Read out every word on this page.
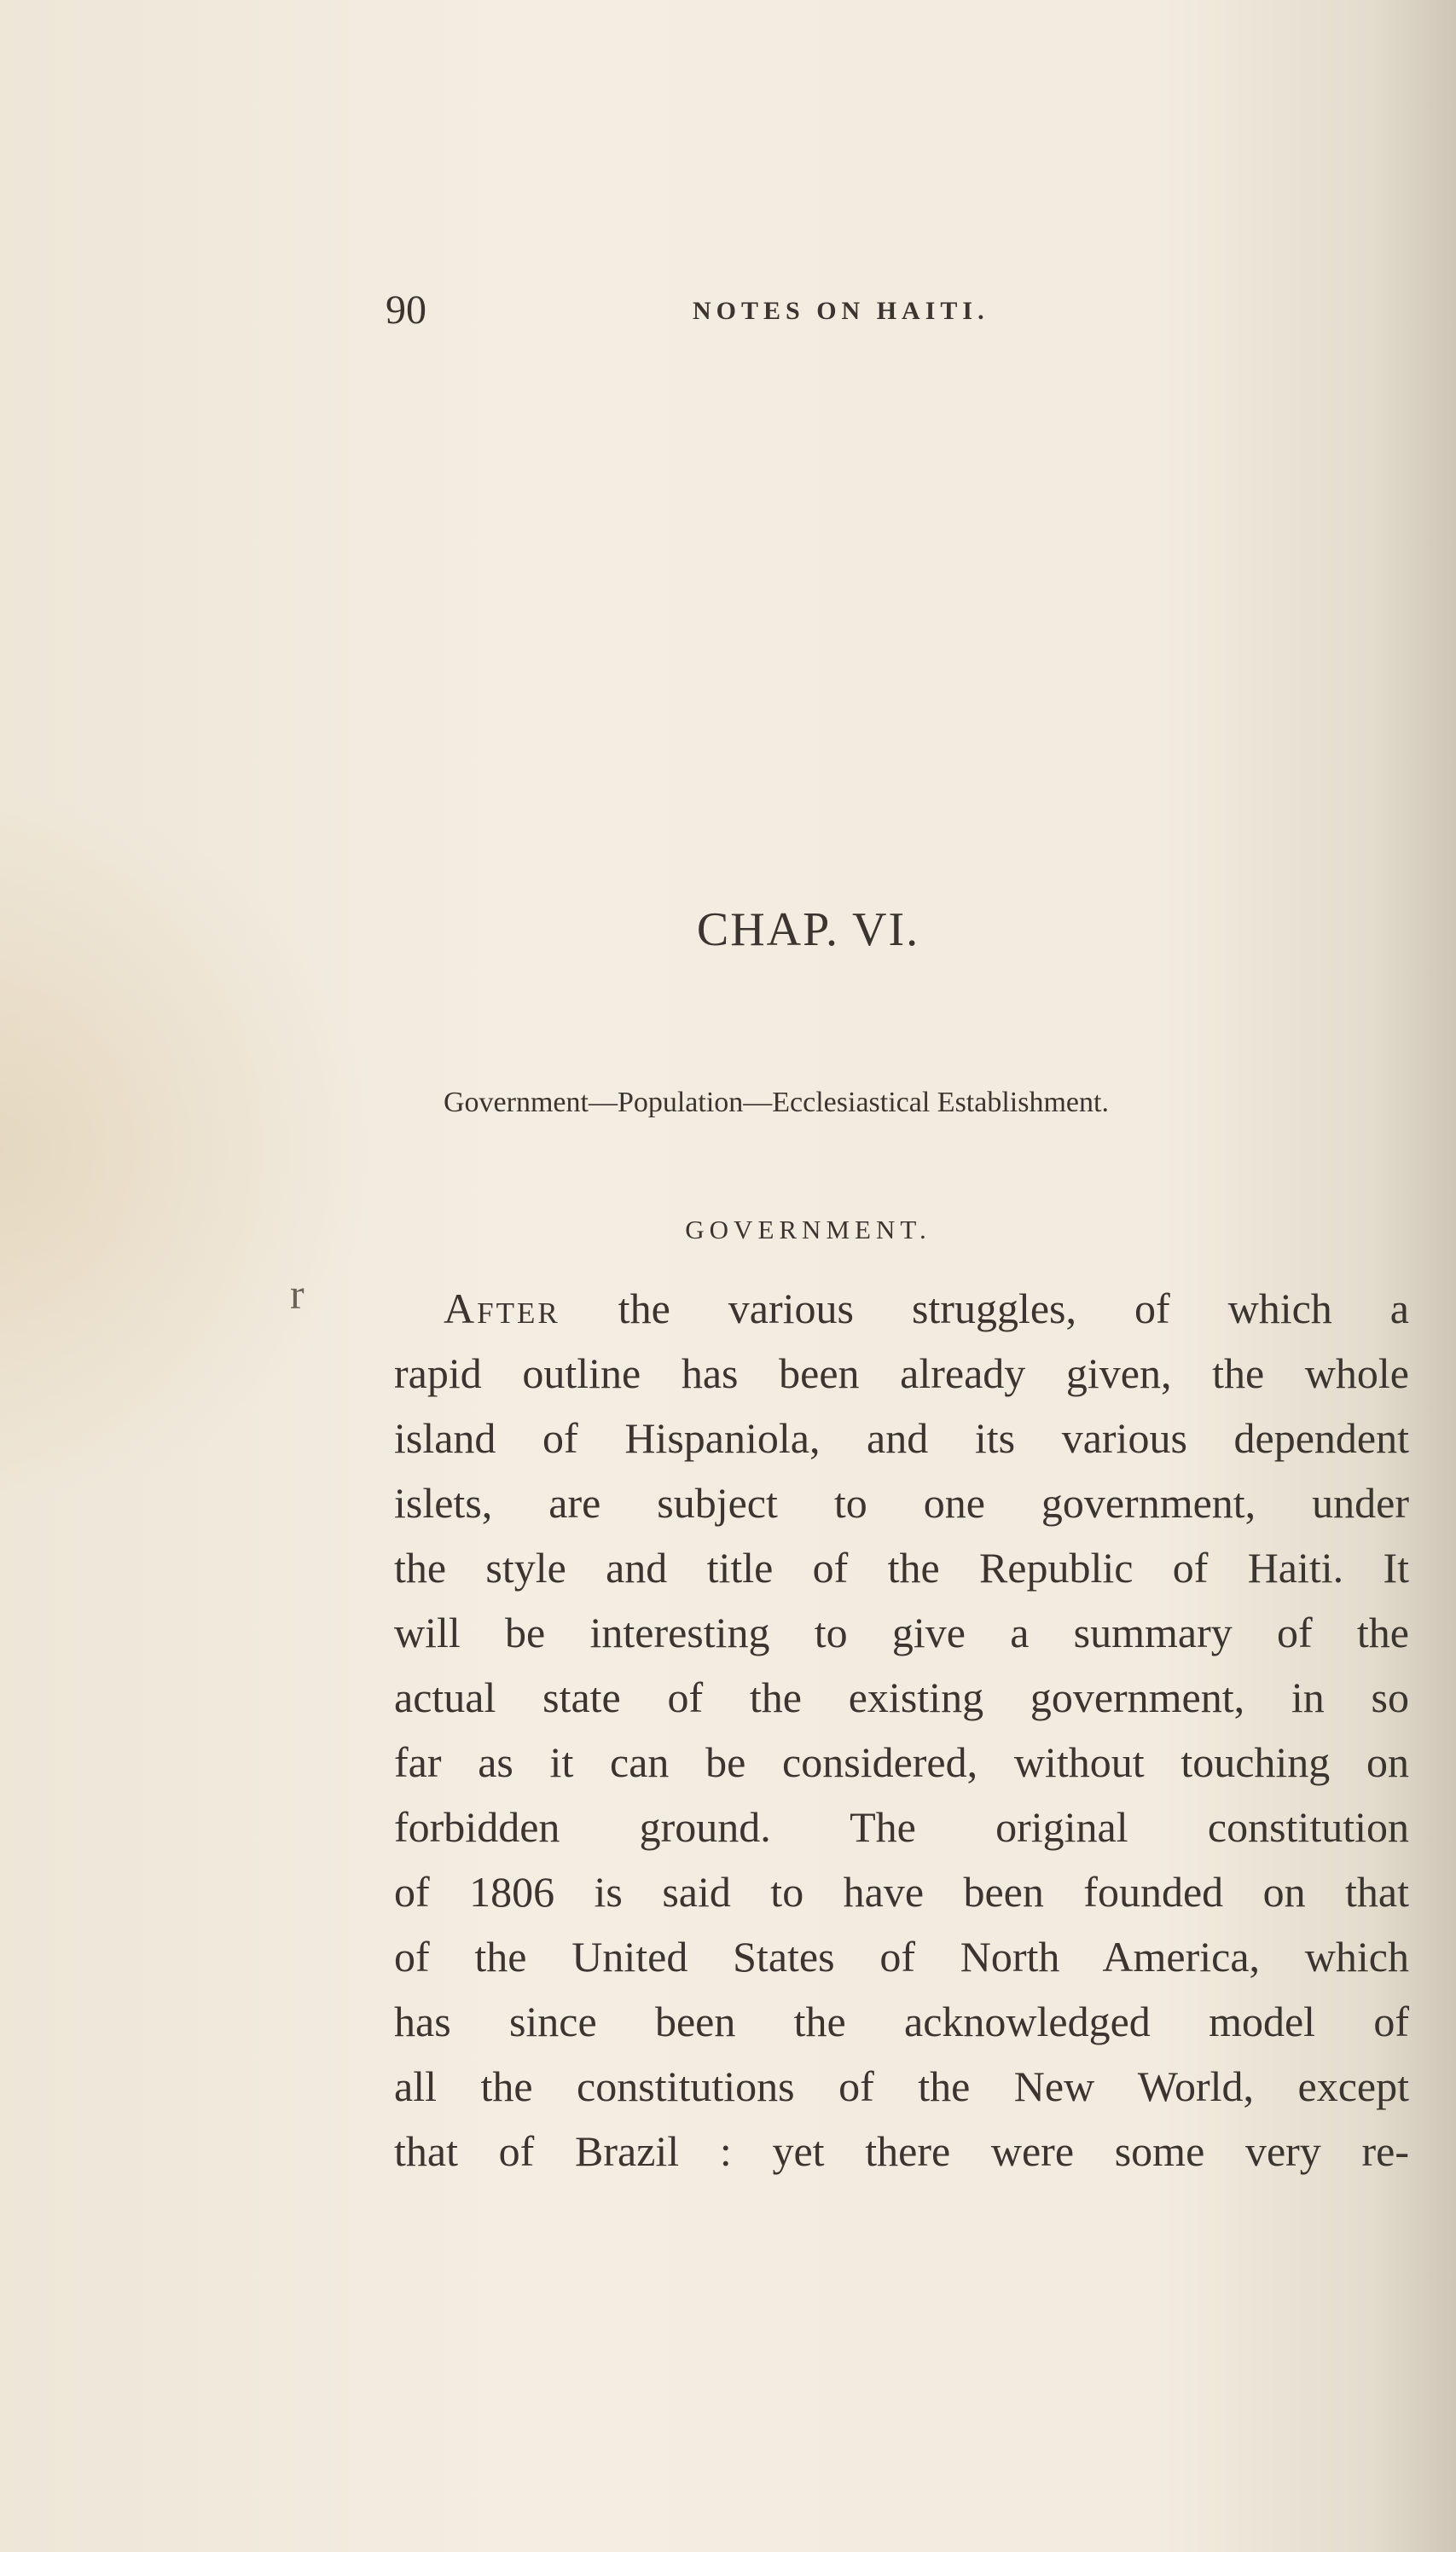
90	NOTES ON HAITI.
CHAP. VI.
Government—Population—Ecclesiastical Establishment.
GOVERNMENT.
r	After the various struggles, of which a
rapid outline has been already given, the whole
island of Hispaniola, and its various dependent
islets, are subject to one government, under
the style and title of the Republic of Haiti. It
will be interesting to give a summary of the
actual state of the existing government, in so
far as it can be considered, without touching on
forbidden ground. The original constitution
of 1806 is said to have been founded on that
of the United States of North America, which
has since been the acknowledged model of
all the constitutions of the New World, except
that of Brazil : yet there were some very re-
